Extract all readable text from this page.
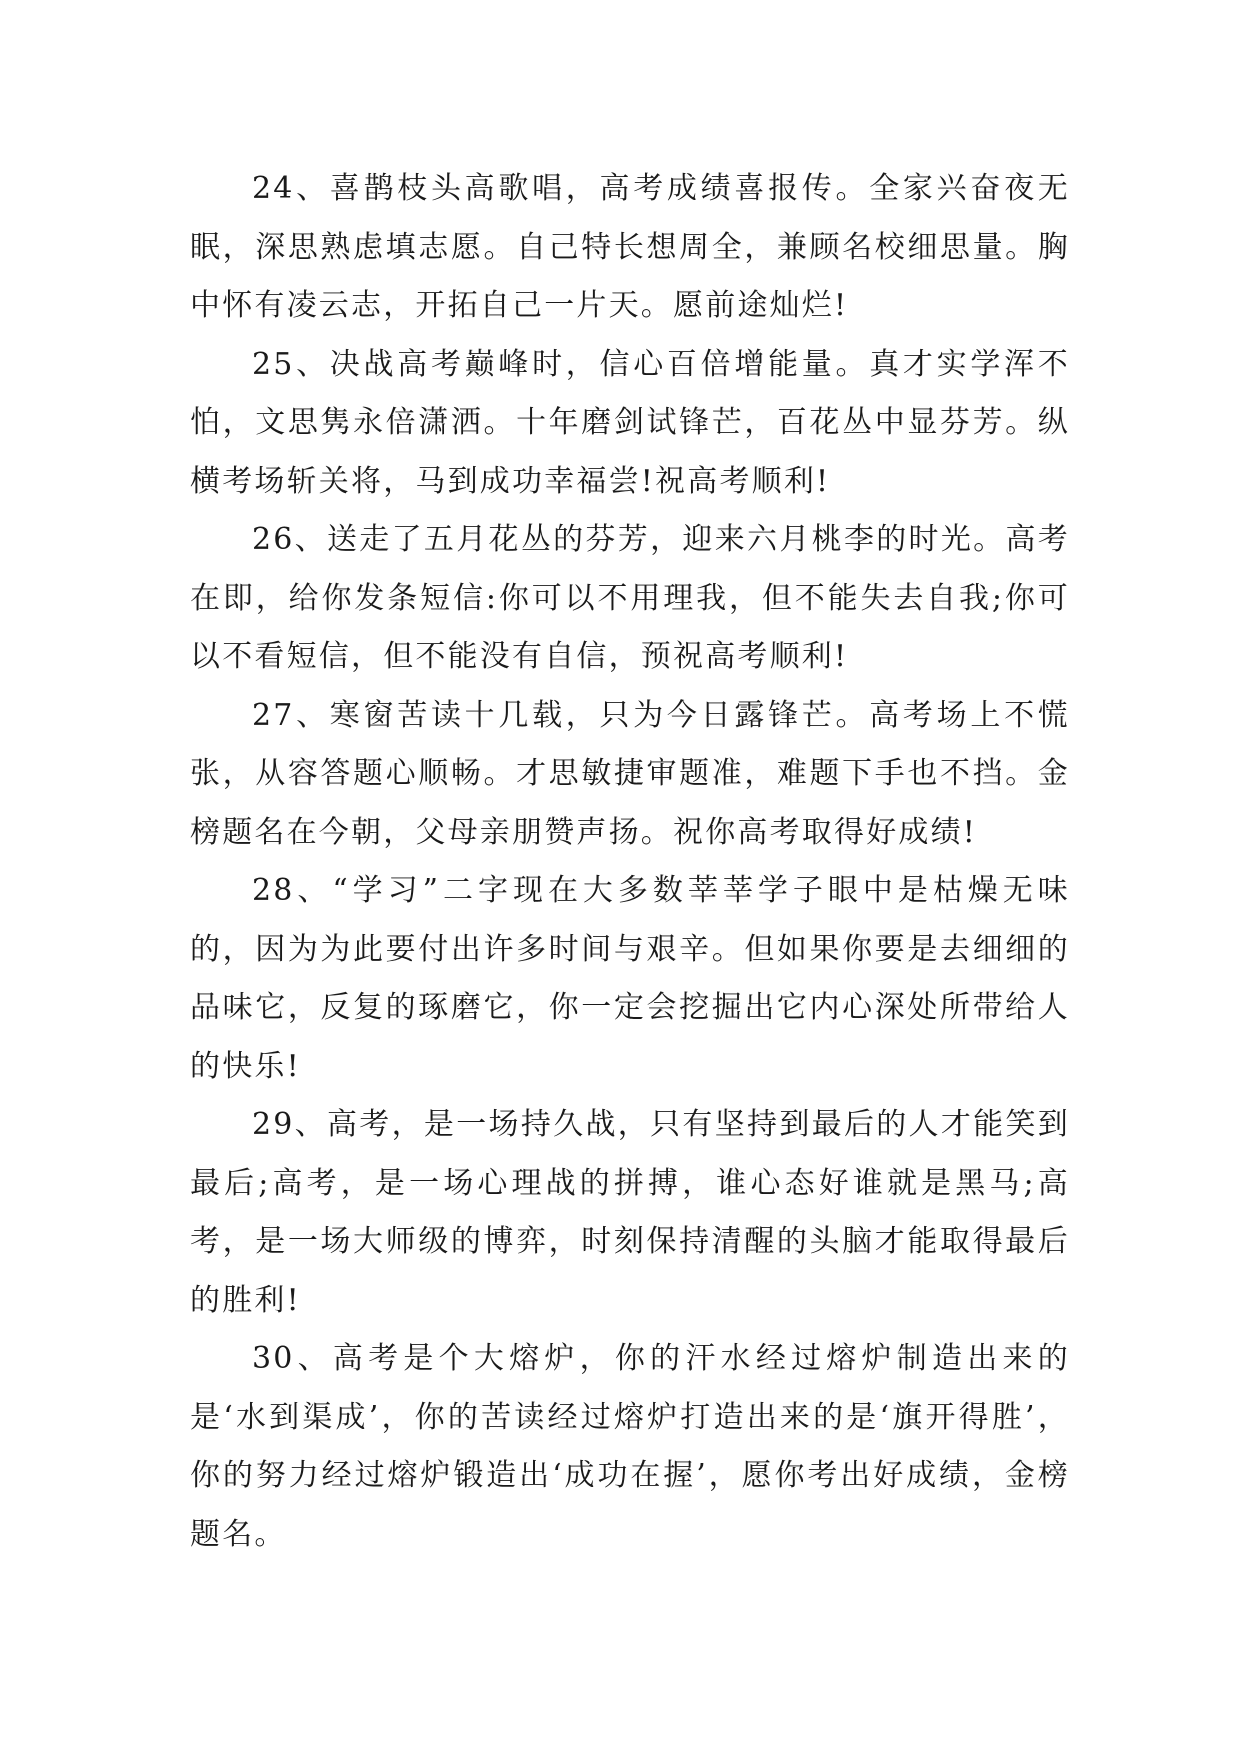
24、喜鹊枝头高歌唱，高考成绩喜报传。全家兴奋夜无眠，深思熟虑填志愿。自己特长想周全，兼顾名校细思量。胸中怀有凌云志，开拓自己一片天。愿前途灿烂!

25、决战高考巅峰时，信心百倍增能量。真才实学浑不怕，文思隽永倍潇洒。十年磨剑试锋芒，百花丛中显芬芳。纵横考场斩关将，马到成功幸福尝!祝高考顺利!

26、送走了五月花丛的芬芳，迎来六月桃李的时光。高考在即，给你发条短信:你可以不用理我，但不能失去自我;你可以不看短信，但不能没有自信，预祝高考顺利!

27、寒窗苦读十几载，只为今日露锋芒。高考场上不慌张，从容答题心顺畅。才思敏捷审题准，难题下手也不挡。金榜题名在今朝，父母亲朋赞声扬。祝你高考取得好成绩!

28、“学习”二字现在大多数莘莘学子眼中是枯燥无味的，因为为此要付出许多时间与艰辛。但如果你要是去细细的品味它，反复的琢磨它，你一定会挖掘出它内心深处所带给人的快乐!

29、高考，是一场持久战，只有坚持到最后的人才能笑到最后;高考，是一场心理战的拼搏，谁心态好谁就是黑马;高考，是一场大师级的博弈，时刻保持清醒的头脑才能取得最后的胜利!

30、高考是个大熔炉，你的汗水经过熔炉制造出来的是‘水到渠成’，你的苦读经过熔炉打造出来的是‘旗开得胜’，你的努力经过熔炉锻造出‘成功在握’，愿你考出好成绩，金榜题名。
